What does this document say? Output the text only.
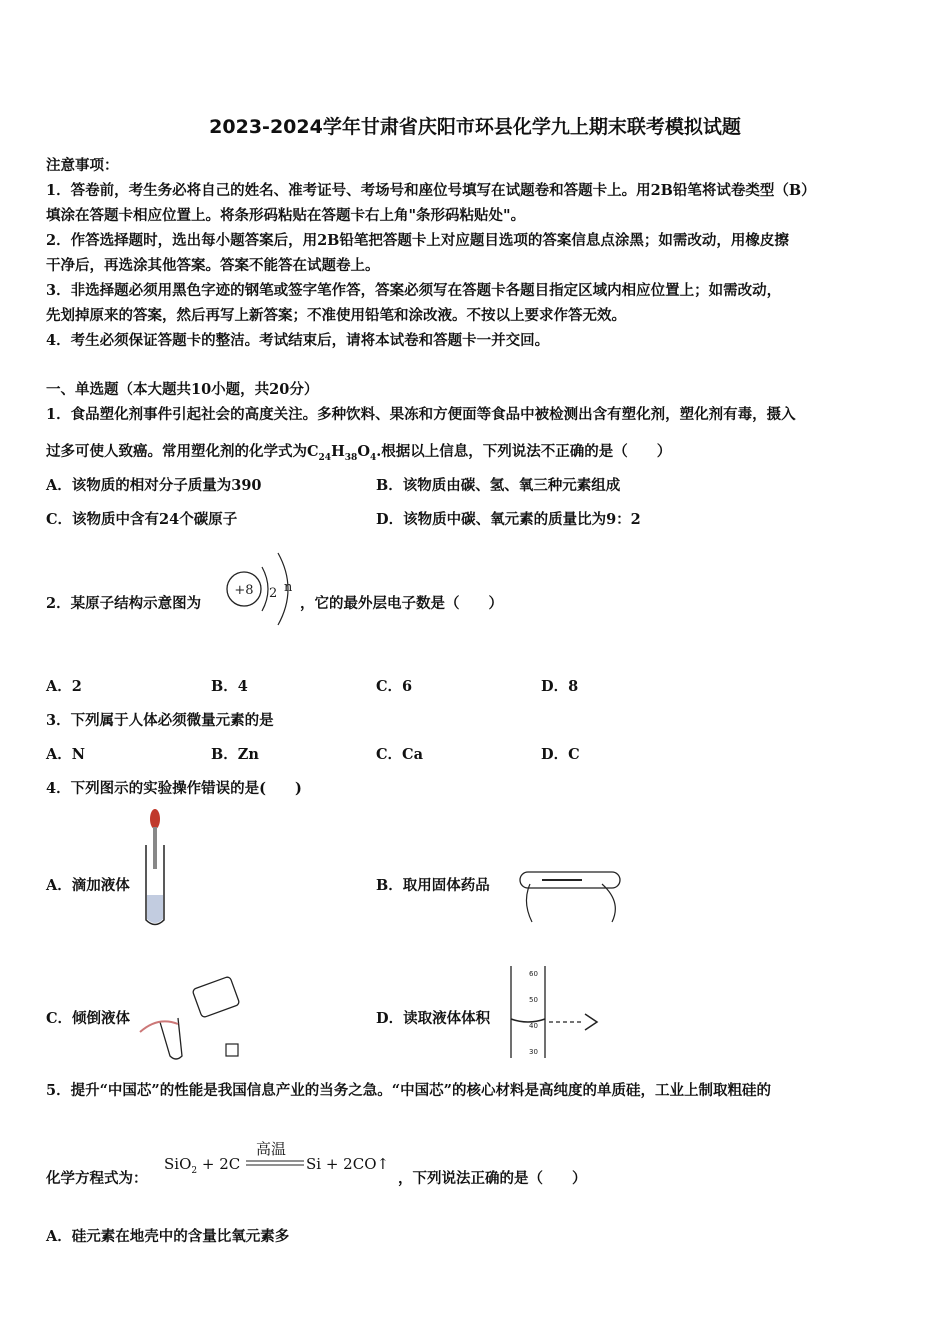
2023-2024学年甘肃省庆阳市环县化学九上期末联考模拟试题
注意事项：
1．答卷前，考生务必将自己的姓名、准考证号、考场号和座位号填写在试题卷和答题卡上。用2B铅笔将试卷类型（B）
填涂在答题卡相应位置上。将条形码粘贴在答题卡右上角"条形码粘贴处"。
2．作答选择题时，选出每小题答案后，用2B铅笔把答题卡上对应题目选项的答案信息点涂黑；如需改动，用橡皮擦
干净后，再选涂其他答案。答案不能答在试题卷上。
3．非选择题必须用黑色字迹的钢笔或签字笔作答，答案必须写在答题卡各题目指定区域内相应位置上；如需改动，
先划掉原来的答案，然后再写上新答案；不准使用铅笔和涂改液。不按以上要求作答无效。
4．考生必须保证答题卡的整洁。考试结束后，请将本试卷和答题卡一并交回。
一、单选题（本大题共10小题，共20分）
1．食品塑化剂事件引起社会的高度关注。多种饮料、果冻和方便面等食品中被检测出含有塑化剂，塑化剂有毒，摄入
过多可使人致癌。常用塑化剂的化学式为$C_{24}H_{38}O_4$.根据以上信息，下列说法不正确的是（　　）
A．该物质的相对分子质量为390	B．该物质由碳、氢、氧三种元素组成
C．该物质中含有24个碳原子	D．该物质中碳、氧元素的质量比为9：2
2．某原子结构示意图为
+8 2 n
，它的最外层电子数是（　　）
A．2	B．4	C．6	D．8
3．下列属于人体必须微量元素的是
A．N	B．Zn	C．Ca	D．C
4．下列图示的实验操作错误的是(　　)
A．滴加液体	B．取用固体药品
C．倾倒液体	D．读取液体体积
60
50
40
30
5．提升“中国芯”的性能是我国信息产业的当务之急。“中国芯”的核心材料是高纯度的单质硅，工业上制取粗硅的
化学方程式为：
SiO$_2$ + 2C
高温
Si + 2CO↑
，下列说法正确的是（　　）
A．硅元素在地壳中的含量比氧元素多
